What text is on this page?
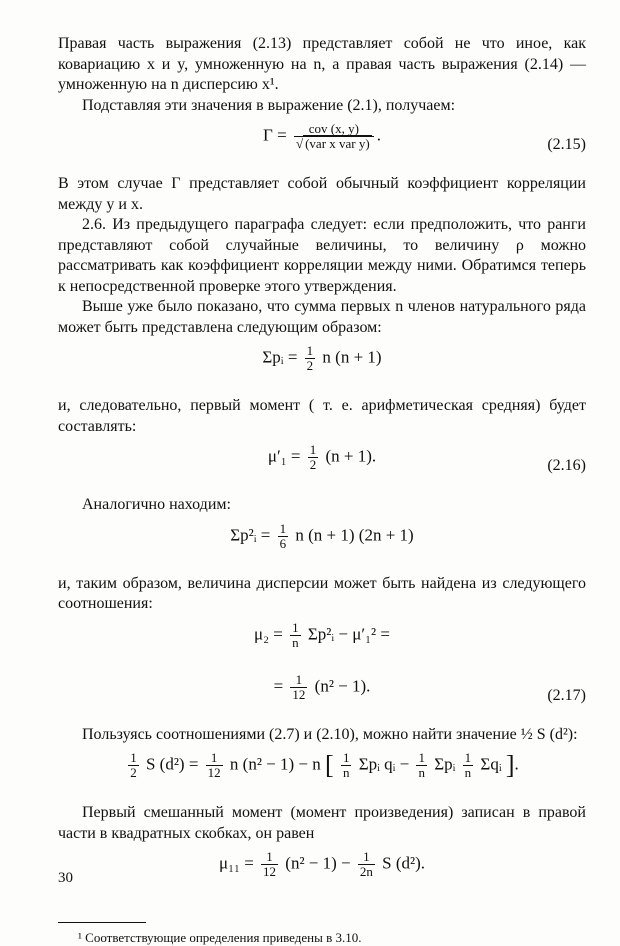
Правая часть выражения (2.13) представляет собой не что иное, как ковариацию x и y, умноженную на n, а правая часть выражения (2.14) — умноженную на n дисперсию x¹.

Подставляя эти значения в выражение (2.1), получаем:

$Г = \frac{\text{cov (x, y)}}{\text{√ (var x var y)}}$ .
(2.15)

В этом случае Г представляет собой обычный коэффициент корреляции между y и x.

2.6. Из предыдущего параграфа следует: если предположить, что ранги представляют собой случайные величины, то величину ρ можно рассматривать как коэффициент корреляции между ними. Обратимся теперь к непосредственной проверке этого утверждения.

Выше уже было показано, что сумма первых n членов натурального ряда может быть представлена следующим образом:

Σpᵢ = $\frac{1}{2}$ n (n + 1)

и, следовательно, первый момент ( т. е. арифметическая средняя) будет составлять:

$\mu'_1 = \frac{1}{2} (n + 1)$.
(2.16)

Аналогично находим:

Σp²ᵢ = $\frac{1}{6}$ n (n + 1) (2n + 1)

и, таким образом, величина дисперсии может быть найдена из следующего соотношения:

$\mu_2 = \frac{1}{n}$ Σp²ᵢ − μ′₁² =
= $\frac{1}{12} (n^2 - 1)$.
(2.17)

Пользуясь соотношениями (2.7) и (2.10), можно найти значение ½ S (d²):

$\frac{1}{2}$ S $(d^2) = \frac{1}{12}$ n (n² − 1) − n [ $\frac{1}{n}$ Σpᵢ qᵢ − $\frac{1}{n}$ Σpᵢ $\frac{1}{n}$ Σqᵢ ].

Первый смешанный момент (момент произведения) записан в правой части в квадратных скобках, он равен

$\mu_{11} = \frac{1}{12} (n^2 - 1) - \frac{1}{2n}$ S (d²).

¹ Соответствующие определения приведены в 3.10.

30
